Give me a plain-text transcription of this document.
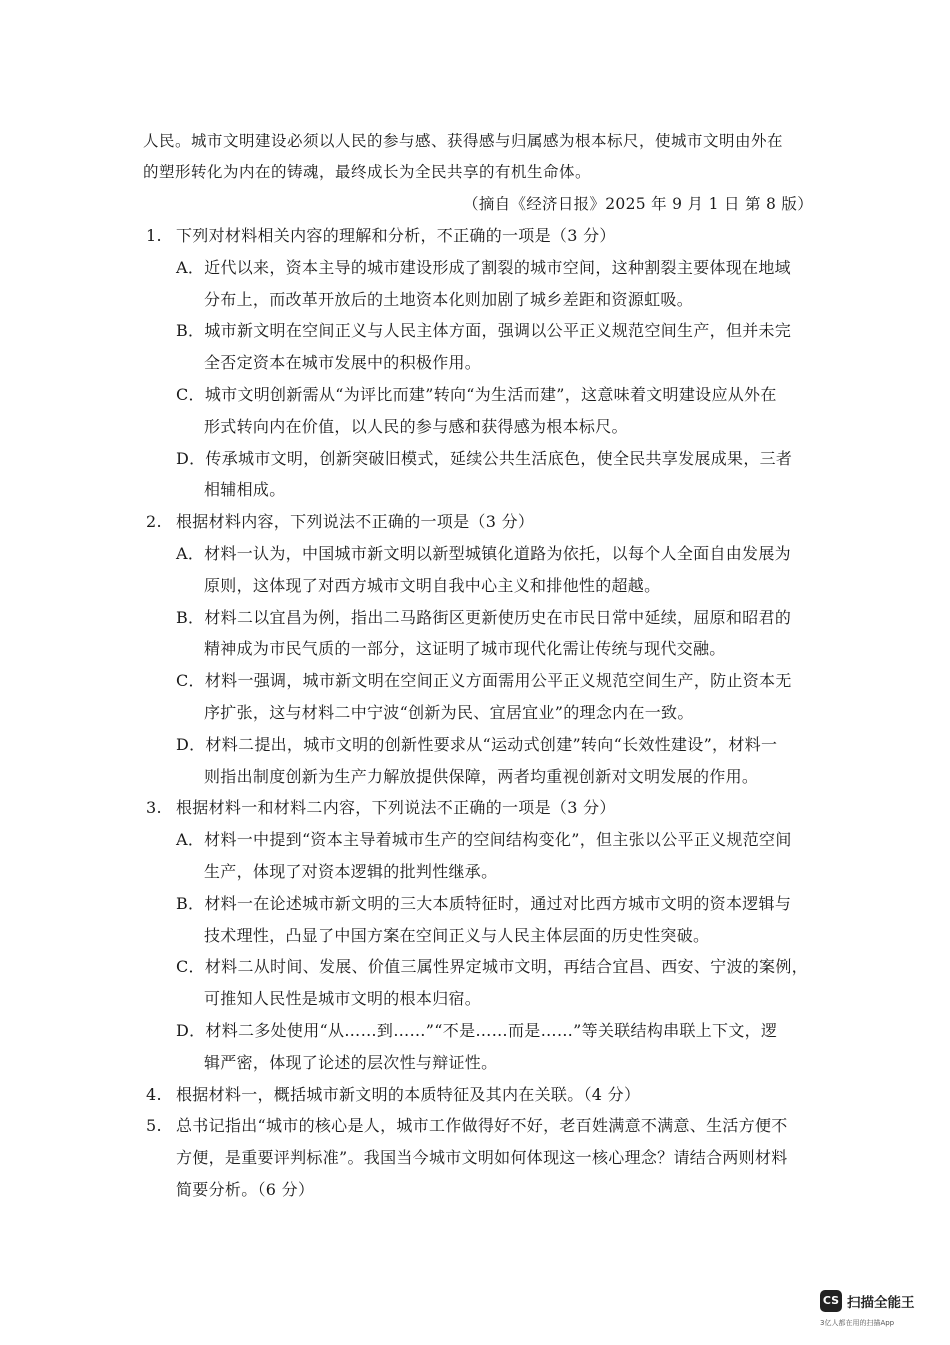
人民。城市文明建设必须以人民的参与感、获得感与归属感为根本标尺，使城市文明由外在
的塑形转化为内在的铸魂，最终成长为全民共享的有机生命体。
（摘自《经济日报》2025 年 9 月 1 日 第 8 版）
1. 下列对材料相关内容的理解和分析，不正确的一项是（3 分）
A．近代以来，资本主导的城市建设形成了割裂的城市空间，这种割裂主要体现在地域
分布上，而改革开放后的土地资本化则加剧了城乡差距和资源虹吸。
B．城市新文明在空间正义与人民主体方面，强调以公平正义规范空间生产，但并未完
全否定资本在城市发展中的积极作用。
C．城市文明创新需从“为评比而建”转向“为生活而建”，这意味着文明建设应从外在
形式转向内在价值，以人民的参与感和获得感为根本标尺。
D．传承城市文明，创新突破旧模式，延续公共生活底色，使全民共享发展成果，三者
相辅相成。
2. 根据材料内容，下列说法不正确的一项是（3 分）
A．材料一认为，中国城市新文明以新型城镇化道路为依托，以每个人全面自由发展为
原则，这体现了对西方城市文明自我中心主义和排他性的超越。
B．材料二以宜昌为例，指出二马路街区更新使历史在市民日常中延续，屈原和昭君的
精神成为市民气质的一部分，这证明了城市现代化需让传统与现代交融。
C．材料一强调，城市新文明在空间正义方面需用公平正义规范空间生产，防止资本无
序扩张，这与材料二中宁波“创新为民、宜居宜业”的理念内在一致。
D．材料二提出，城市文明的创新性要求从“运动式创建”转向“长效性建设”，材料一
则指出制度创新为生产力解放提供保障，两者均重视创新对文明发展的作用。
3. 根据材料一和材料二内容，下列说法不正确的一项是（3 分）
A．材料一中提到“资本主导着城市生产的空间结构变化”，但主张以公平正义规范空间
生产，体现了对资本逻辑的批判性继承。
B．材料一在论述城市新文明的三大本质特征时，通过对比西方城市文明的资本逻辑与
技术理性，凸显了中国方案在空间正义与人民主体层面的历史性突破。
C．材料二从时间、发展、价值三属性界定城市文明，再结合宜昌、西安、宁波的案例，
可推知人民性是城市文明的根本归宿。
D．材料二多处使用“从……到……”“不是……而是……”等关联结构串联上下文，逻
辑严密，体现了论述的层次性与辩证性。
4. 根据材料一，概括城市新文明的本质特征及其内在关联。（4 分）
5. 总书记指出“城市的核心是人，城市工作做得好不好，老百姓满意不满意、生活方便不
方便，是重要评判标准”。我国当今城市文明如何体现这一核心理念？请结合两则材料
简要分析。（6 分）
CS 扫描全能王
3亿人都在用的扫描App
